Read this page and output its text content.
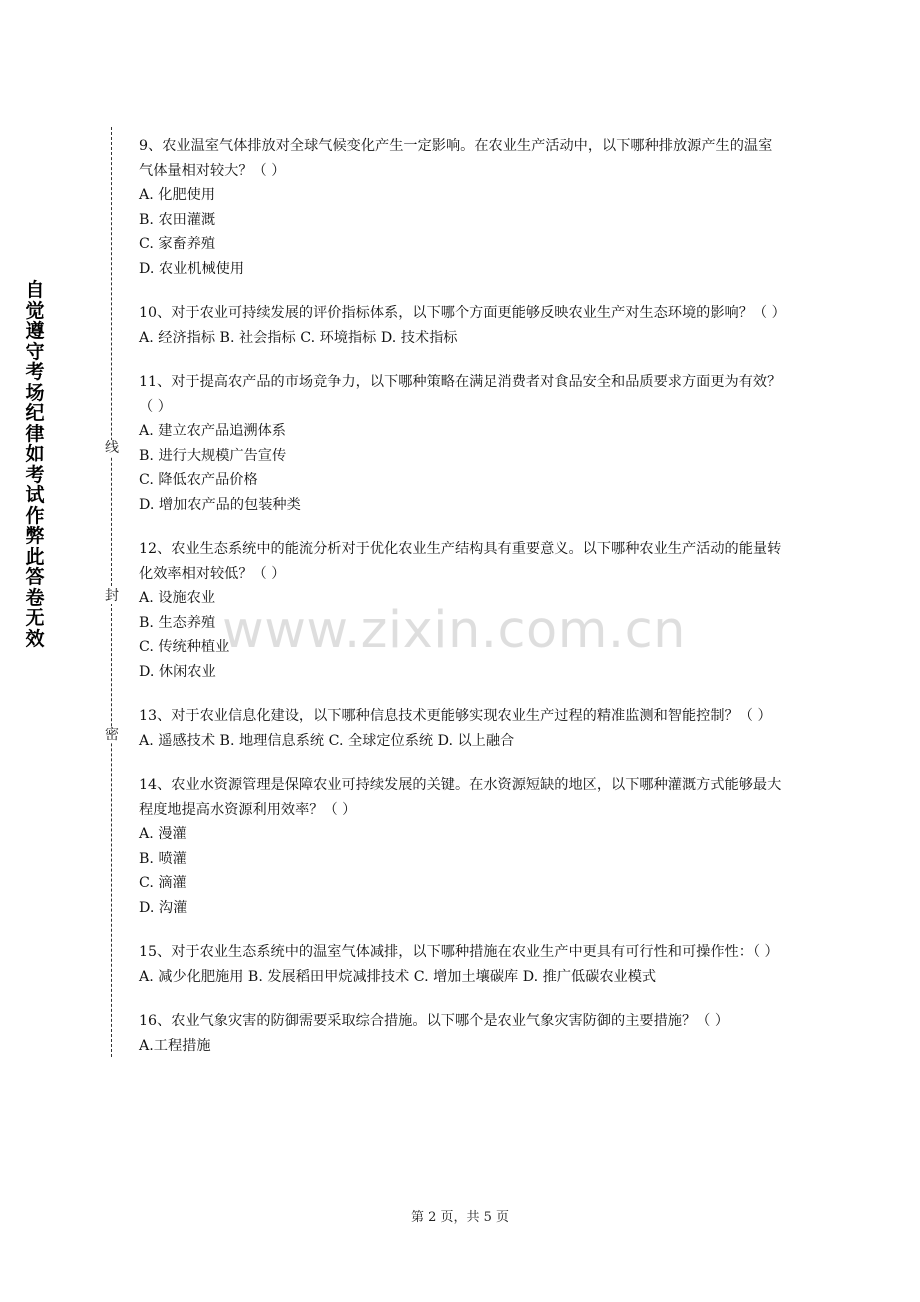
自觉遵守考场纪律如考试作弊此答卷无效
线
封
密

9、农业温室气体排放对全球气候变化产生一定影响。在农业生产活动中，以下哪种排放源产生的温室气体量相对较大？（ ）

A. 化肥使用

B. 农田灌溉

C. 家畜养殖

D. 农业机械使用

10、对于农业可持续发展的评价指标体系，以下哪个方面更能够反映农业生产对生态环境的影响？（ ）

A. 经济指标 B. 社会指标 C. 环境指标 D. 技术指标

11、对于提高农产品的市场竞争力，以下哪种策略在满足消费者对食品安全和品质要求方面更为有效？（ ）

A. 建立农产品追溯体系

B. 进行大规模广告宣传

C. 降低农产品价格

D. 增加农产品的包装种类

12、农业生态系统中的能流分析对于优化农业生产结构具有重要意义。以下哪种农业生产活动的能量转化效率相对较低？（ ）

A. 设施农业

B. 生态养殖

C. 传统种植业

D. 休闲农业

13、对于农业信息化建设，以下哪种信息技术更能够实现农业生产过程的精准监测和智能控制？（ ）

A. 遥感技术 B. 地理信息系统 C. 全球定位系统 D. 以上融合

14、农业水资源管理是保障农业可持续发展的关键。在水资源短缺的地区，以下哪种灌溉方式能够最大程度地提高水资源利用效率？（ ）

A. 漫灌

B. 喷灌

C. 滴灌

D. 沟灌

15、对于农业生态系统中的温室气体减排，以下哪种措施在农业生产中更具有可行性和可操作性：（ ）

A. 减少化肥施用 B. 发展稻田甲烷减排技术 C. 增加土壤碳库 D. 推广低碳农业模式

16、农业气象灾害的防御需要采取综合措施。以下哪个是农业气象灾害防御的主要措施？（ ）

A.工程措施

www.zixin.com.cn
第 2 页，共 5 页
